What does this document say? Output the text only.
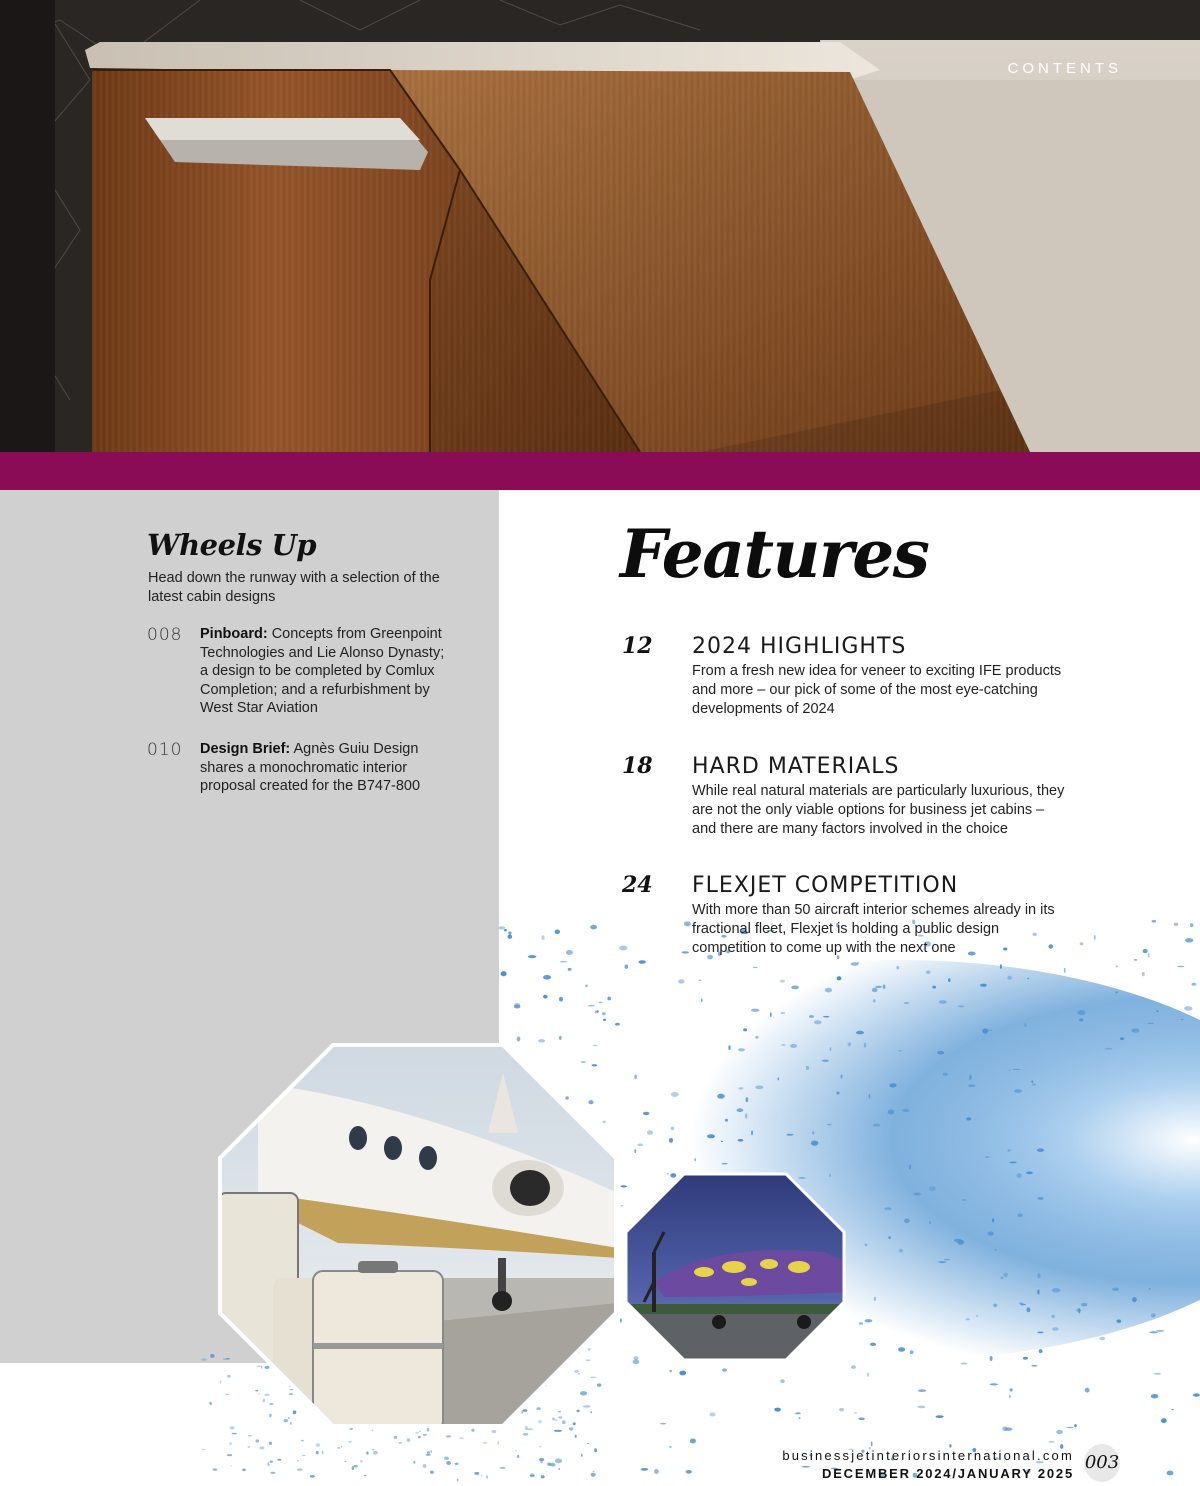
CONTENTS
Wheels Up
Head down the runway with a selection of the latest cabin designs
008 Pinboard: Concepts from Greenpoint Technologies and Lie Alonso Dynasty; a design to be completed by Comlux Completion; and a refurbishment by West Star Aviation
010 Design Brief: Agnès Guiu Design shares a monochromatic interior proposal created for the B747-800
Features
12 2024 HIGHLIGHTS
From a fresh new idea for veneer to exciting IFE products and more – our pick of some of the most eye-catching developments of 2024
18 HARD MATERIALS
While real natural materials are particularly luxurious, they are not the only viable options for business jet cabins – and there are many factors involved in the choice
24 FLEXJET COMPETITION
With more than 50 aircraft interior schemes already in its fractional fleet, Flexjet is holding a public design competition to come up with the next one
businessjetinteriorsinternational.com
DECEMBER 2024/JANUARY 2025
003
